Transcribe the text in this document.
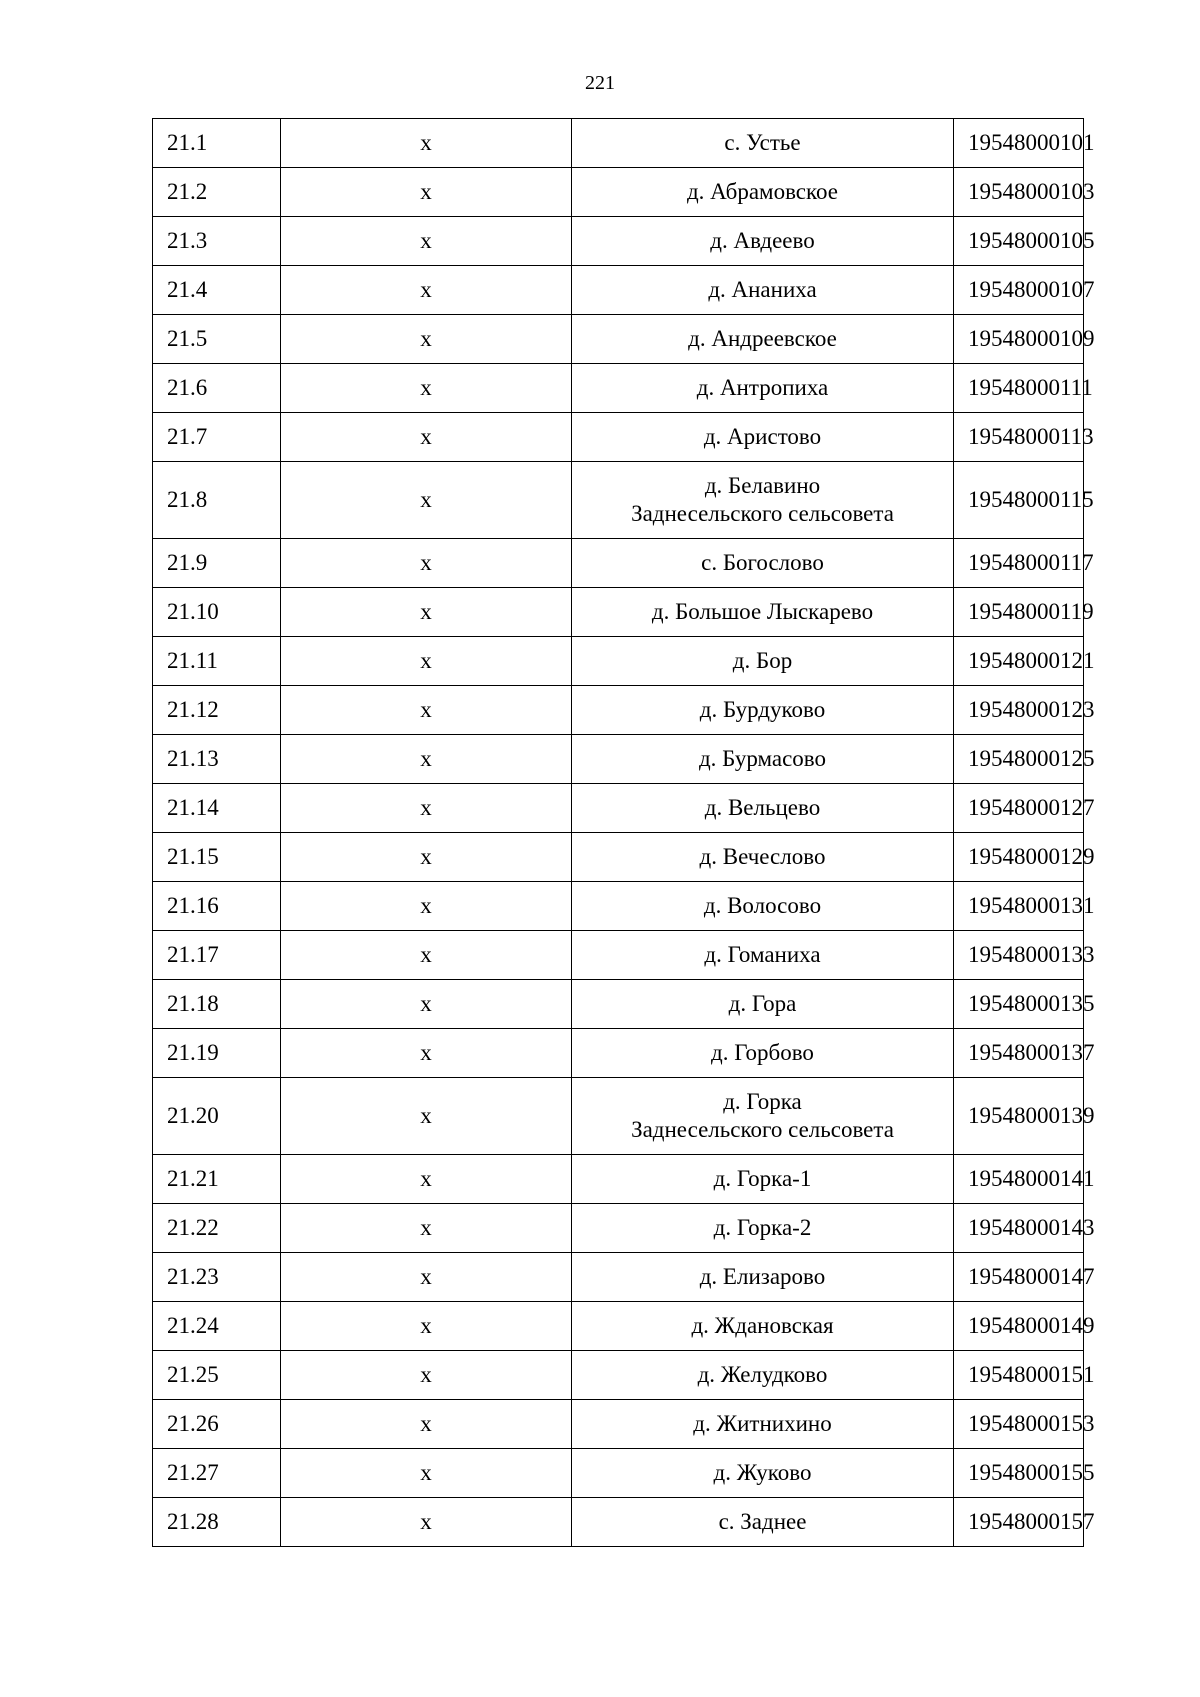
221
21.1	х	с. Устье	19548000101
21.2	х	д. Абрамовское	19548000103
21.3	х	д. Авдеево	19548000105
21.4	х	д. Ананиха	19548000107
21.5	х	д. Андреевское	19548000109
21.6	х	д. Антропиха	19548000111
21.7	х	д. Аристово	19548000113
21.8	х	д. Белавино
Заднесельского сельсовета	19548000115
21.9	х	с. Богослово	19548000117
21.10	х	д. Большое Лыскарево	19548000119
21.11	х	д. Бор	19548000121
21.12	х	д. Бурдуково	19548000123
21.13	х	д. Бурмасово	19548000125
21.14	х	д. Вельцево	19548000127
21.15	х	д. Вечеслово	19548000129
21.16	х	д. Волосово	19548000131
21.17	х	д. Гоманиха	19548000133
21.18	х	д. Гора	19548000135
21.19	х	д. Горбово	19548000137
21.20	х	д. Горка
Заднесельского сельсовета	19548000139
21.21	х	д. Горка-1	19548000141
21.22	х	д. Горка-2	19548000143
21.23	х	д. Елизарово	19548000147
21.24	х	д. Ждановская	19548000149
21.25	х	д. Желудково	19548000151
21.26	х	д. Житнихино	19548000153
21.27	х	д. Жуково	19548000155
21.28	х	с. Заднее	19548000157
